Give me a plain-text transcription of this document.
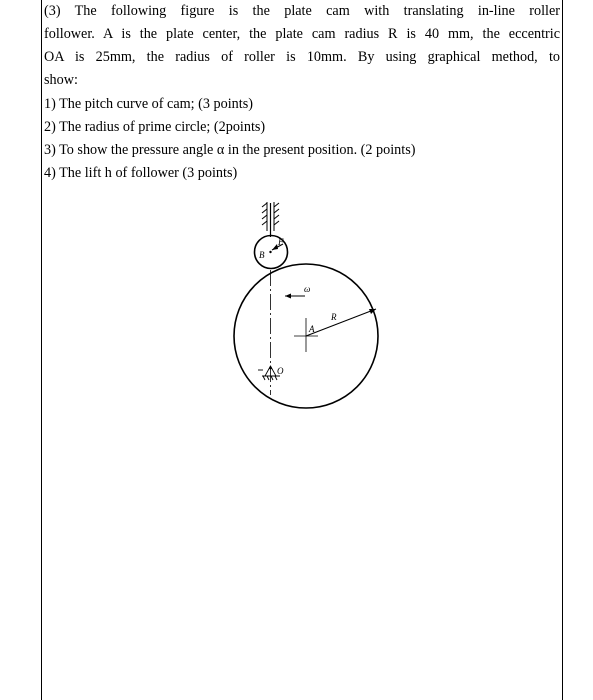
(3) The following figure is the plate cam with translating in-line roller

follower. A is the plate center, the plate cam radius R is 40 mm, the eccentric

OA is 25mm, the radius of roller is 10mm. By using graphical method, to

show:

1) The pitch curve of cam; (3 points)

2) The radius of prime circle; (2points)

3) To show the pressure angle α in the present position. (2 points)

4) The lift h of follower (3 points)

F
B
ω
A
R
O
